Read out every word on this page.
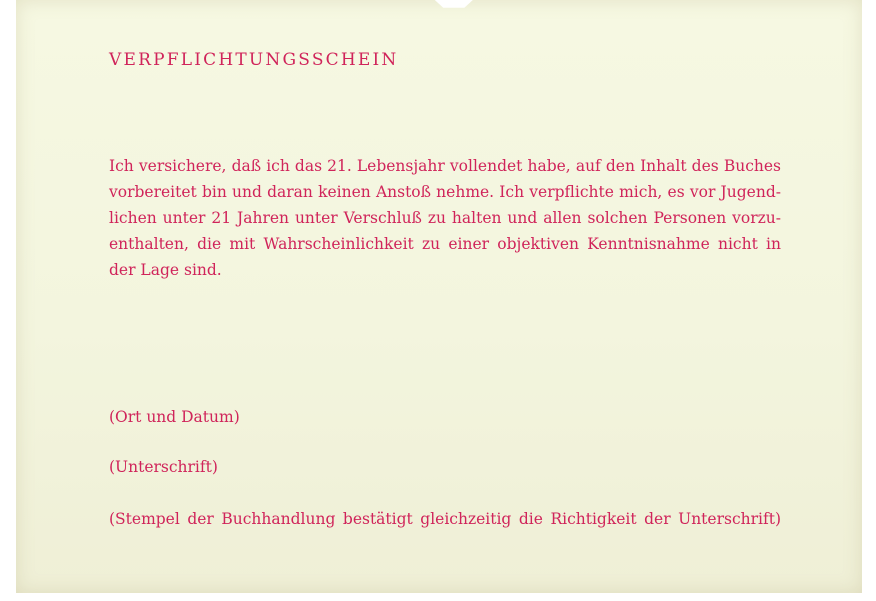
VERPFLICHTUNGSSCHEIN
Ich versichere, daß ich das 21. Lebensjahr vollendet habe, auf den Inhalt des Buches
vorbereitet bin und daran keinen Anstoß nehme. Ich verpflichte mich, es vor Jugend-
lichen unter 21 Jahren unter Verschluß zu halten und allen solchen Personen vorzu-
enthalten, die mit Wahrscheinlichkeit zu einer objektiven Kenntnisnahme nicht in
der Lage sind.
(Ort und Datum)
(Unterschrift)
(Stempel der Buchhandlung bestätigt gleichzeitig die Richtigkeit der Unterschrift)
